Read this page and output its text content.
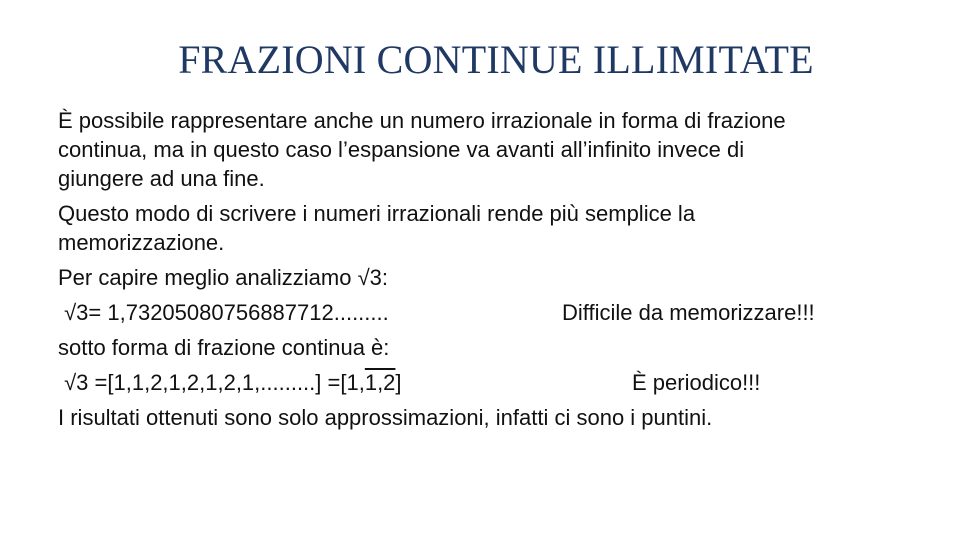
FRAZIONI CONTINUE ILLIMITATE
È possibile rappresentare anche un numero irrazionale in forma di frazione
continua, ma in questo caso l’espansione va avanti all’infinito invece di
giungere ad una fine.
Questo modo di scrivere i numeri irrazionali rende più semplice la
memorizzazione.
Per capire meglio analizziamo √3:
√3= 1,73205080756887712.........	Difficile da memorizzare!!!
sotto forma di frazione continua è:
√3 =[1,1,2,1,2,1,2,1,.........] =[1,1,2]	È periodico!!!
I risultati ottenuti sono solo approssimazioni, infatti ci sono i puntini.
